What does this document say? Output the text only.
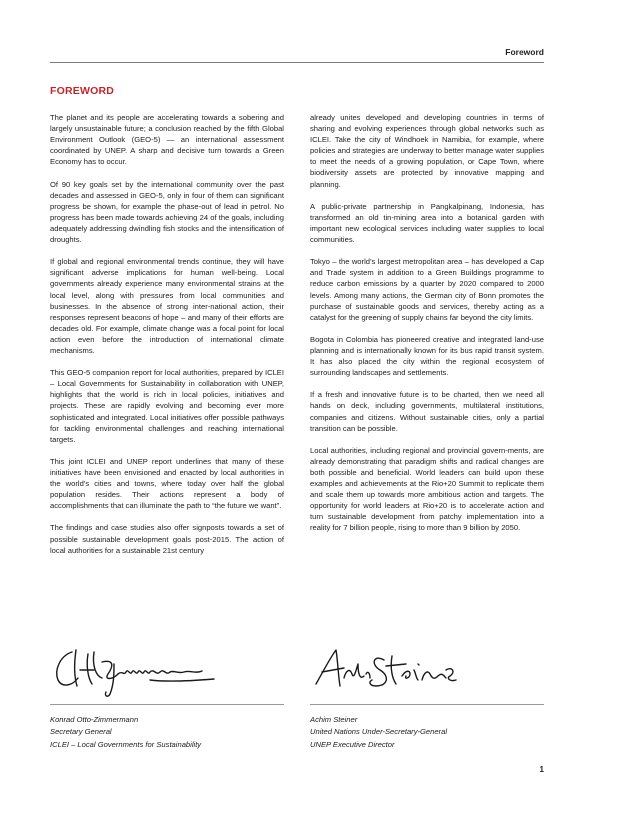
Foreword
FOREWORD

The planet and its people are accelerating towards a sobering and largely unsustainable future; a conclusion reached by the fifth Global Environment Outlook (GEO-5) — an international assessment coordinated by UNEP. A sharp and decisive turn towards a Green Economy has to occur.

Of 90 key goals set by the international community over the past decades and assessed in GEO-5, only in four of them can significant progress be shown, for example the phase-out of lead in petrol. No progress has been made towards achieving 24 of the goals, including adequately addressing dwindling fish stocks and the intensification of droughts.

If global and regional environmental trends continue, they will have significant adverse implications for human well-being. Local governments already experience many environmental strains at the local level, along with pressures from local communities and businesses. In the absence of strong inter-national action, their responses represent beacons of hope – and many of their efforts are decades old. For example, climate change was a focal point for local action even before the introduction of international climate mechanisms.

This GEO-5 companion report for local authorities, prepared by ICLEI – Local Governments for Sustainability in collaboration with UNEP, highlights that the world is rich in local policies, initiatives and projects. These are rapidly evolving and becoming ever more sophisticated and integrated. Local initiatives offer possible pathways for tackling environmental challenges and reaching international targets.

This joint ICLEI and UNEP report underlines that many of these initiatives have been envisioned and enacted by local authorities in the world’s cities and towns, where today over half the global population resides. Their actions represent a body of accomplishments that can illuminate the path to “the future we want”.

The findings and case studies also offer signposts towards a set of possible sustainable development goals post-2015. The action of local authorities for a sustainable 21st century

already unites developed and developing countries in terms of sharing and evolving experiences through global networks such as ICLEI. Take the city of Windhoek in Namibia, for example, where policies and strategies are underway to better manage water supplies to meet the needs of a growing population, or Cape Town, where biodiversity assets are protected by innovative mapping and planning.

A public-private partnership in Pangkalpinang, Indonesia, has transformed an old tin-mining area into a botanical garden with important new ecological services including water supplies to local communities.

Tokyo – the world’s largest metropolitan area – has developed a Cap and Trade system in addition to a Green Buildings programme to reduce carbon emissions by a quarter by 2020 compared to 2000 levels. Among many actions, the German city of Bonn promotes the purchase of sustainable goods and services, thereby acting as a catalyst for the greening of supply chains far beyond the city limits.

Bogota in Colombia has pioneered creative and integrated land-use planning and is internationally known for its bus rapid transit system. It has also placed the city within the regional ecosystem of surrounding landscapes and settlements.

If a fresh and innovative future is to be charted, then we need all hands on deck, including governments, multilateral institutions, companies and citizens. Without sustainable cities, only a partial transition can be possible.

Local authorities, including regional and provincial govern-ments, are already demonstrating that paradigm shifts and radical changes are both possible and beneficial. World leaders can build upon these examples and achievements at the Rio+20 Summit to replicate them and scale them up towards more ambitious action and targets. The opportunity for world leaders at Rio+20 is to accelerate action and turn sustainable development from patchy implementation into a reality for 7 billion people, rising to more than 9 billion by 2050.

Konrad Otto-Zimmermann
Secretary General
ICLEI – Local Governments for Sustainability
Achim Steiner
United Nations Under-Secretary-General
UNEP Executive Director
1
